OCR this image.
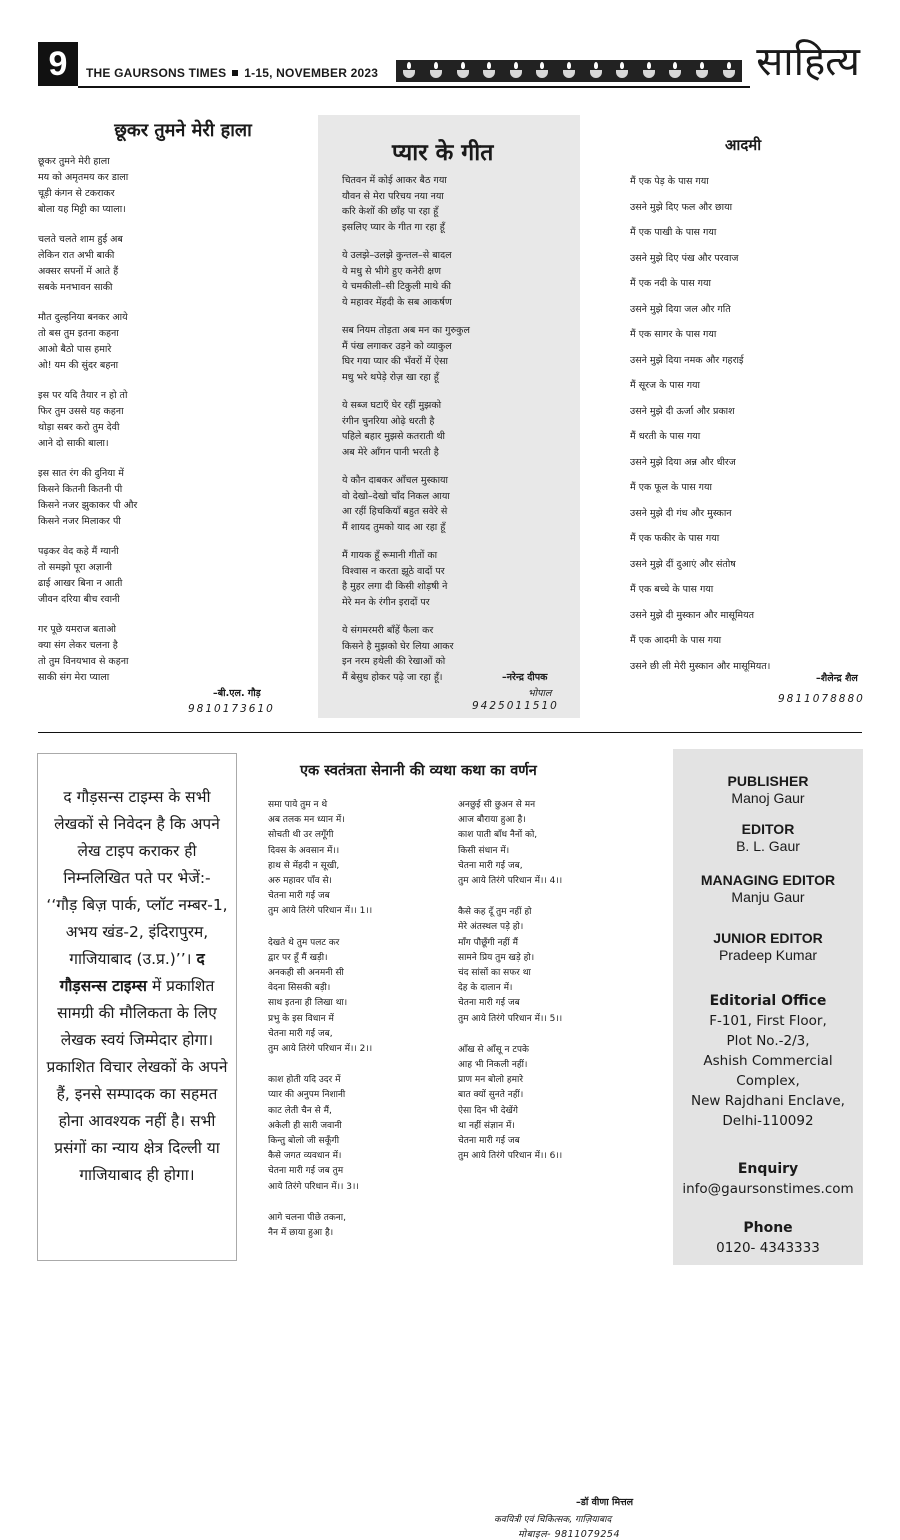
9	THE GAURSONS TIMES 1-15, NOVEMBER 2023	साहित्य
छूकर तुमने मेरी हाला
छूकर तुमने मेरी हाला
मय को अमृतमय कर डाला
चूड़ी कंगन से टकराकर
बोला यह मिट्टी का प्याला।
चलते चलते शाम हुई अब
लेकिन रात अभी बाकी
अक्सर सपनों में आते हैं
सबके मनभावन साकी
मौत दुल्हनिया बनकर आये
तो बस तुम इतना कहना
आओ बैठो पास हमारे
ओ! यम की सुंदर बहना
इस पर यदि तैयार न हो तो
फिर तुम उससे यह कहना
थोड़ा सबर करो तुम देवी
आने दो साकी बाला।
इस सात रंग की दुनिया में
किसने कितनी कितनी पी
किसने नजर झुकाकर पी और
किसने नजर मिलाकर पी
पढ़कर वेद कहे मैं ग्यानी
तो समझो पूरा अज्ञानी
ढाई आखर बिना न आती
जीवन दरिया बीच रवानी
गर पूछे यमराज बताओ
क्या संग लेकर चलना है
तो तुम विनयभाव से कहना
साकी संग मेरा प्याला
–बी.एल. गौड़
9810173610
प्यार के गीत
चितवन में कोई आकर बैठ गया
यौवन से मेरा परिचय नया नया
करि केशों की छाँह पा रहा हूँ
इसलिए प्यार के गीत गा रहा हूँ
ये उलझे–उलझे कुन्तल–से बादल
ये मधु से भीगे हुए कनेरी क्षण
ये चमकीली–सी टिकुली माथे की
ये महावर मेंहदी के सब आकर्षण
सब नियम तोड़ता अब मन का गुरुकुल
मैं पंख लगाकर उड़ने को व्याकुल
घिर गया प्यार की भँवरों में ऐसा
मधु भरे थपेड़े रोज़ खा रहा हूँ
ये सब्ज घटाएँ घेर रहीं मुझको
रंगीन चुनरिया ओढ़े धरती है
पहिले बहार मुझसे कतराती थी
अब मेरे आँगन पानी भरती है
ये कौन दाबकर आँचल मुस्काया
वो देखो–देखो चाँद निकल आया
आ रहीं हिचकियाँ बहुत सवेरे से
मैं शायद तुमको याद आ रहा हूँ
मैं गायक हूँ रूमानी गीतों का
विश्वास न करता झूठे वादों पर
है मुहर लगा दी किसी शोड़षी ने
मेरे मन के रंगीन इरादों पर
ये संगमरमरी बाँहें फैला कर
किसने है मुझको घेर लिया आकर
इन नरम हथेली की रेखाओं को
मैं बेसुध होकर पढ़े जा रहा हूँ।	–नरेन्द्र दीपक
भोपाल
9425011510
आदमी
मैं एक पेड़ के पास गया
उसने मुझे दिए फल और छाया
मैं एक पाखी के पास गया
उसने मुझे दिए पंख और परवाज
मैं एक नदी के पास गया
उसने मुझे दिया जल और गति
मैं एक सागर के पास गया
उसने मुझे दिया नमक और गहराई
मैं सूरज के पास गया
उसने मुझे दी ऊर्जा और प्रकाश
मैं धरती के पास गया
उसने मुझे दिया अन्न और धीरज
मैं एक फूल के पास गया
उसने मुझे दी गंध और मुस्कान
मैं एक फकीर के पास गया
उसने मुझे दीं दुआएं और संतोष
मैं एक बच्चे के पास गया
उसने मुझे दी मुस्कान और मासूमियत
मैं एक आदमी के पास गया
उसने छी ली मेरी मुस्कान और मासूमियत।
–शैलेन्द्र शैल
9811078880

द गौड़सन्स टाइम्स के सभी लेखकों से निवेदन है कि अपने लेख टाइप कराकर ही निम्नलिखित पते पर भेजें:- ‘‘गौड़ बिज़ पार्क, प्लॉट नम्बर-1, अभय खंड-2, इंदिरापुरम, गाजियाबाद (उ.प्र.)’’। द गौड़सन्स टाइम्स में प्रकाशित सामग्री की मौलिकता के लिए लेखक स्वयं जिम्मेदार होगा। प्रकाशित विचार लेखकों के अपने हैं, इनसे सम्पादक का सहमत होना आवश्यक नहीं है। सभी प्रसंगों का न्याय क्षेत्र दिल्ली या गाजियाबाद ही होगा।

एक स्वतंत्रता सेनानी की व्यथा कथा का वर्णन
समा पाये तुम न थे
अब तलक मन ध्यान में।
सोचती थी उर लगूँगी
दिवस के अवसान में।।
हाथ से मेंहदी न सूखी,
अरु महावर पाँव से।
चेतना मारी गई जब
तुम आये तिरंगे परिधान में।। 1।।
देखते थे तुम पलट कर
द्वार पर हूँ मैं खड़ी।
अनकही सी अनमनी सी
वेदना सिसकी बड़ी।
साथ इतना ही लिखा था।
प्रभु के इस विधान में
चेतना मारी गई जब,
तुम आये तिरंगे परिधान में।। 2।।
काश होती यदि उदर में
प्यार की अनुपम निशानी
काट लेती चैन से मैं,
अकेली ही सारी जवानी
किन्तु बोलो जी सकूँगी
कैसे जगत व्यवधान में।
चेतना मारी गई जब तुम
आये तिरंगे परिधान में।। 3।।
आगे चलना पीछे तकना,
नैन में छाया हुआ है।
अनछुई सी छुअन से मन
आज बौराया हुआ है।
काश पाती बाँध नैनों को,
किसी संधान में।
चेतना मारी गई जब,
तुम आये तिरंगे परिधान में।। 4।।
कैसे कह दूँ तुम नहीं हो
मेरे अंतस्थल पड़े हो।
माँग पौछूँगी नहीं मैं
सामने प्रिय तुम खड़े हो।
चंद सांसों का सफर था
देह के दालान में।
चेतना मारी गई जब
तुम आये तिरंगे परिधान में।। 5।।
आँख से आँसू न टपके
आह भी निकली नहीं।
प्राण मन बोलो हमारे
बात क्यों सुनते नहीं।
ऐसा दिन भी देखेंगे
था नहीं संज्ञान में।
चेतना मारी गई जब
तुम आये तिरंगे परिधान में।। 6।।
–डॉ वीणा मित्तल
कवयित्री एवं चिकित्सक, गाज़ियाबाद
मोबाइल- 9811079254
PUBLISHER
Manoj Gaur
EDITOR
B. L. Gaur
MANAGING EDITOR
Manju Gaur
JUNIOR EDITOR
Pradeep Kumar
Editorial Office
F-101, First Floor,
Plot No.-2/3,
Ashish Commercial
Complex,
New Rajdhani Enclave,
Delhi-110092
Enquiry
info@gaursonstimes.com
Phone
0120- 4343333
